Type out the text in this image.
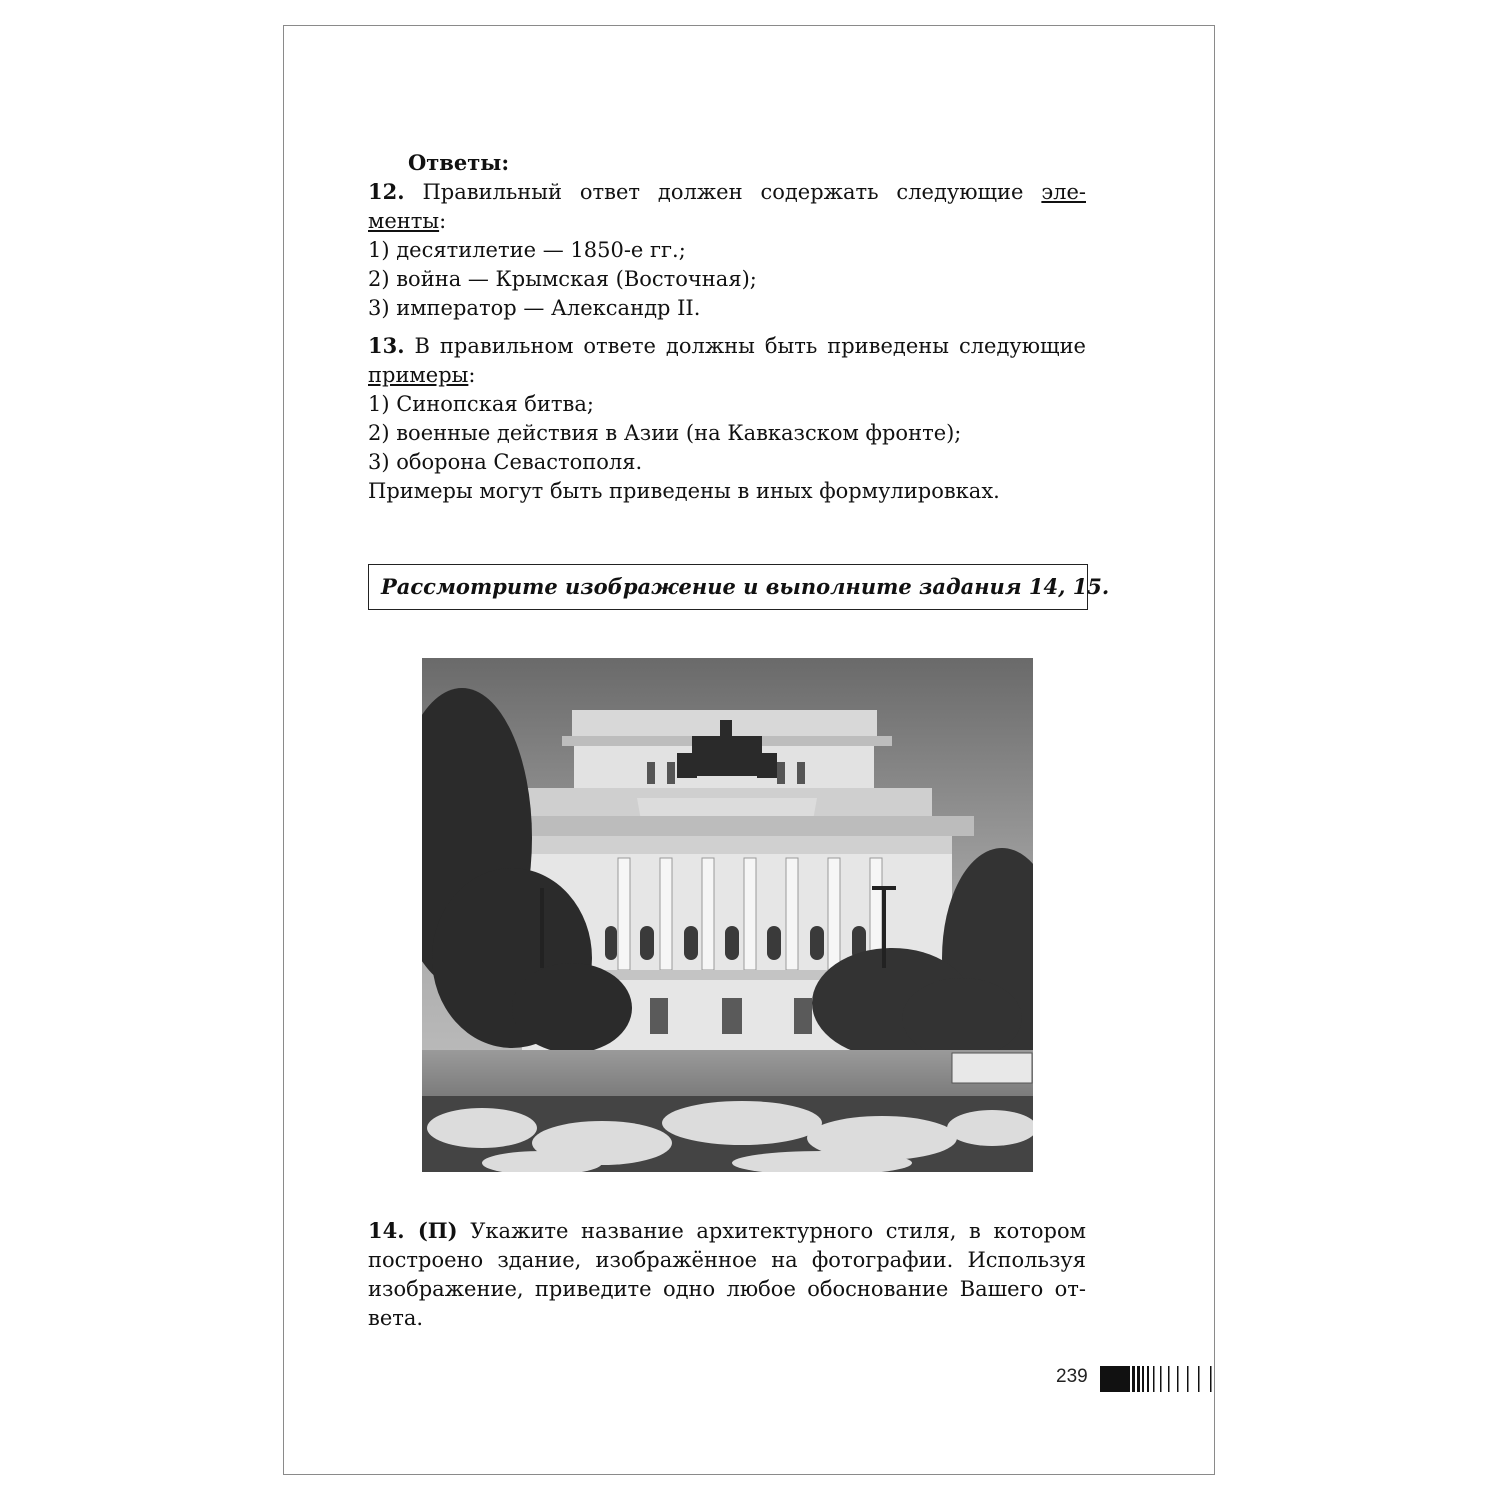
Ответы:

12. Правильный ответ должен содержать следующие эле-

менты:

1) десятилетие — 1850-е гг.;

2) война — Крымская (Восточная);

3) император — Александр II.

13. В правильном ответе должны быть приведены следующие

примеры:

1) Синопская битва;

2) военные действия в Азии (на Кавказском фронте);

3) оборона Севастополя.

Примеры могут быть приведены в иных формулировках.

Рассмотрите изображение и выполните задания 14, 15.

14. (П) Укажите название архитектурного стиля, в котором

построено здание, изображённое на фотографии. Используя

изображение, приведите одно любое обоснование Вашего от-

вета.

239
